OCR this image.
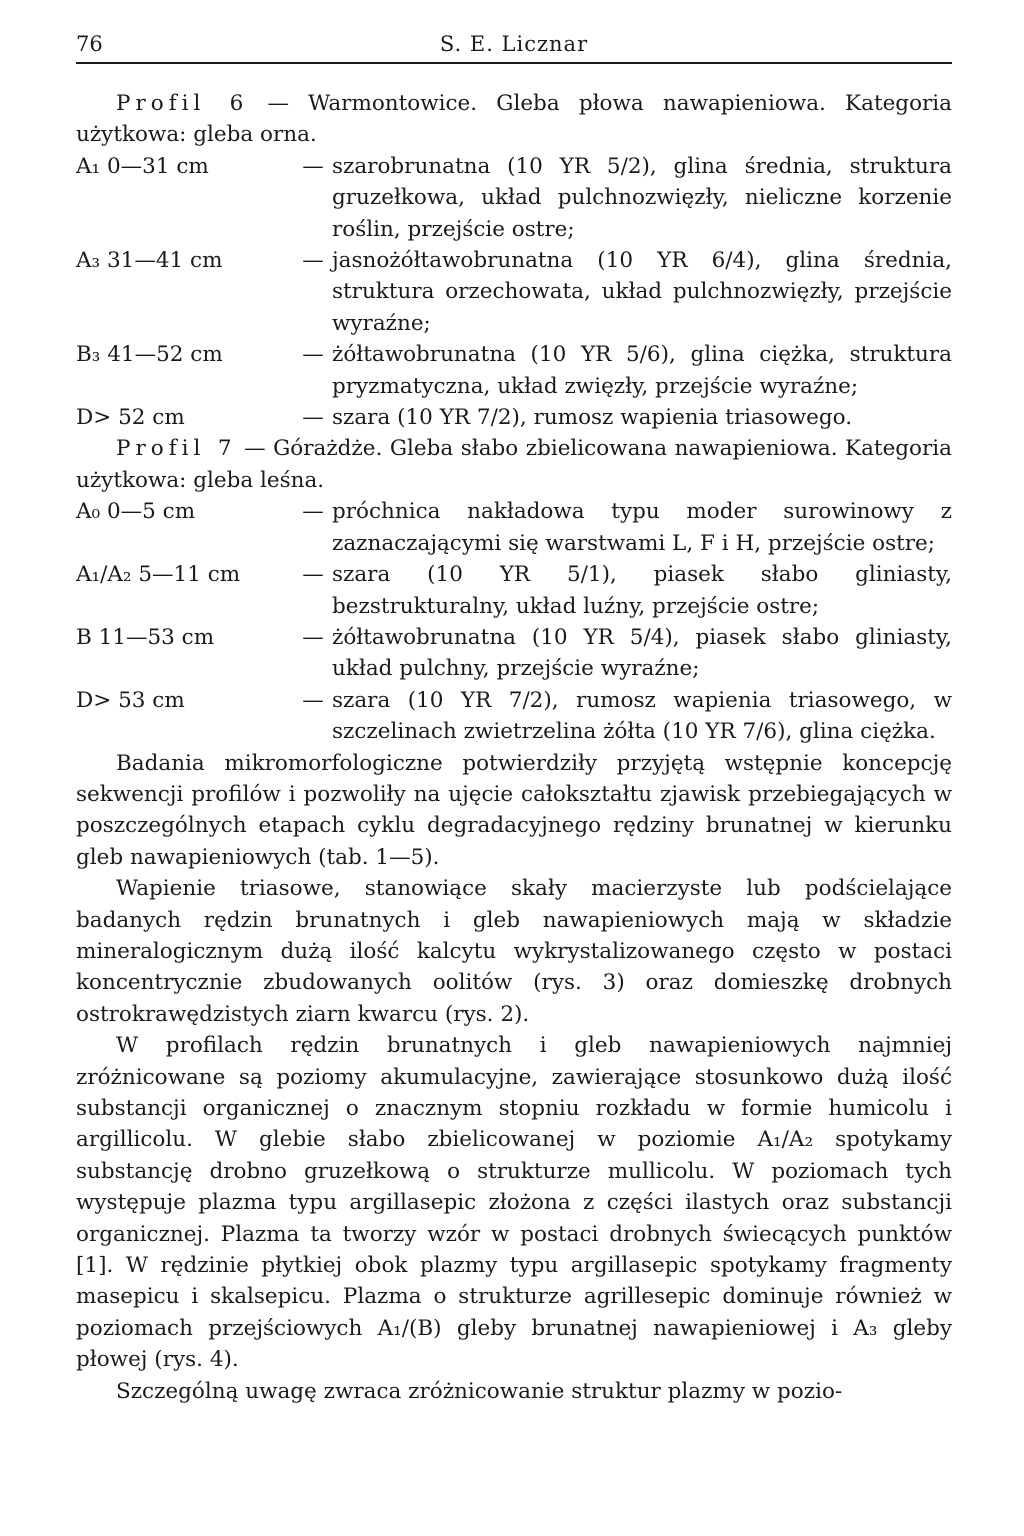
76	S. E. Licznar

Profil 6 — Warmontowice. Gleba płowa nawapieniowa. Kategoria użytkowa: gleba orna.

A₁ 0—31 cm	— szarobrunatna (10 YR 5/2), glina średnia, struktura gruzełkowa, układ pulchnozwięzły, nieliczne korzenie roślin, przejście ostre;
A₃ 31—41 cm	— jasnożółtawobrunatna (10 YR 6/4), glina średnia, struktura orzechowata, układ pulchnozwięzły, przejście wyraźne;
B₃ 41—52 cm	— żółtawobrunatna (10 YR 5/6), glina ciężka, struktura pryzmatyczna, układ zwięzły, przejście wyraźne;
D> 52 cm	— szara (10 YR 7/2), rumosz wapienia triasowego.

Profil 7 — Górażdże. Gleba słabo zbielicowana nawapieniowa. Kategoria użytkowa: gleba leśna.

A₀ 0—5 cm	— próchnica nakładowa typu moder surowinowy z zaznaczającymi się warstwami L, F i H, przejście ostre;
A₁/A₂ 5—11 cm	— szara (10 YR 5/1), piasek słabo gliniasty, bezstrukturalny, układ luźny, przejście ostre;
B 11—53 cm	— żółtawobrunatna (10 YR 5/4), piasek słabo gliniasty, układ pulchny, przejście wyraźne;
D> 53 cm	— szara (10 YR 7/2), rumosz wapienia triasowego, w szczelinach zwietrzelina żółta (10 YR 7/6), glina ciężka.

Badania mikromorfologiczne potwierdziły przyjętą wstępnie koncepcję sekwencji profilów i pozwoliły na ujęcie całokształtu zjawisk przebiegających w poszczególnych etapach cyklu degradacyjnego rędziny brunatnej w kierunku gleb nawapieniowych (tab. 1—5).

Wapienie triasowe, stanowiące skały macierzyste lub podścielające badanych rędzin brunatnych i gleb nawapieniowych mają w składzie mineralogicznym dużą ilość kalcytu wykrystalizowanego często w postaci koncentrycznie zbudowanych oolitów (rys. 3) oraz domieszkę drobnych ostrokrawędzistych ziarn kwarcu (rys. 2).

W profilach rędzin brunatnych i gleb nawapieniowych najmniej zróżnicowane są poziomy akumulacyjne, zawierające stosunkowo dużą ilość substancji organicznej o znacznym stopniu rozkładu w formie humicolu i argillicolu. W glebie słabo zbielicowanej w poziomie A₁/A₂ spotykamy substancję drobno gruzełkową o strukturze mullicolu. W poziomach tych występuje plazma typu argillasepic złożona z części ilastych oraz substancji organicznej. Plazma ta tworzy wzór w postaci drobnych świecących punktów [1]. W rędzinie płytkiej obok plazmy typu argillasepic spotykamy fragmenty masepicu i skalsepicu. Plazma o strukturze agrillesepic dominuje również w poziomach przejściowych A₁/(B) gleby brunatnej nawapieniowej i A₃ gleby płowej (rys. 4).

Szczególną uwagę zwraca zróżnicowanie struktur plazmy w pozio-
